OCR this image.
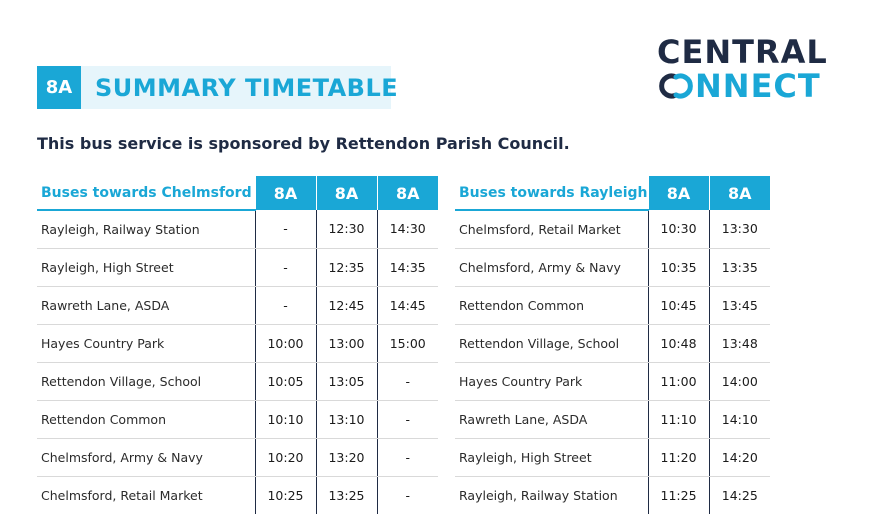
8A SUMMARY TIMETABLE
CENTRAL
NNECT
This bus service is sponsored by Rettendon Parish Council.
Buses towards Chelmsford	8A	8A	8A
Rayleigh, Railway Station	-	12:30	14:30
Rayleigh, High Street	-	12:35	14:35
Rawreth Lane, ASDA	-	12:45	14:45
Hayes Country Park	10:00	13:00	15:00
Rettendon Village, School	10:05	13:05	-
Rettendon Common	10:10	13:10	-
Chelmsford, Army & Navy	10:20	13:20	-
Chelmsford, Retail Market	10:25	13:25	-
Buses towards Rayleigh	8A	8A
Chelmsford, Retail Market	10:30	13:30
Chelmsford, Army & Navy	10:35	13:35
Rettendon Common	10:45	13:45
Rettendon Village, School	10:48	13:48
Hayes Country Park	11:00	14:00
Rawreth Lane, ASDA	11:10	14:10
Rayleigh, High Street	11:20	14:20
Rayleigh, Railway Station	11:25	14:25
